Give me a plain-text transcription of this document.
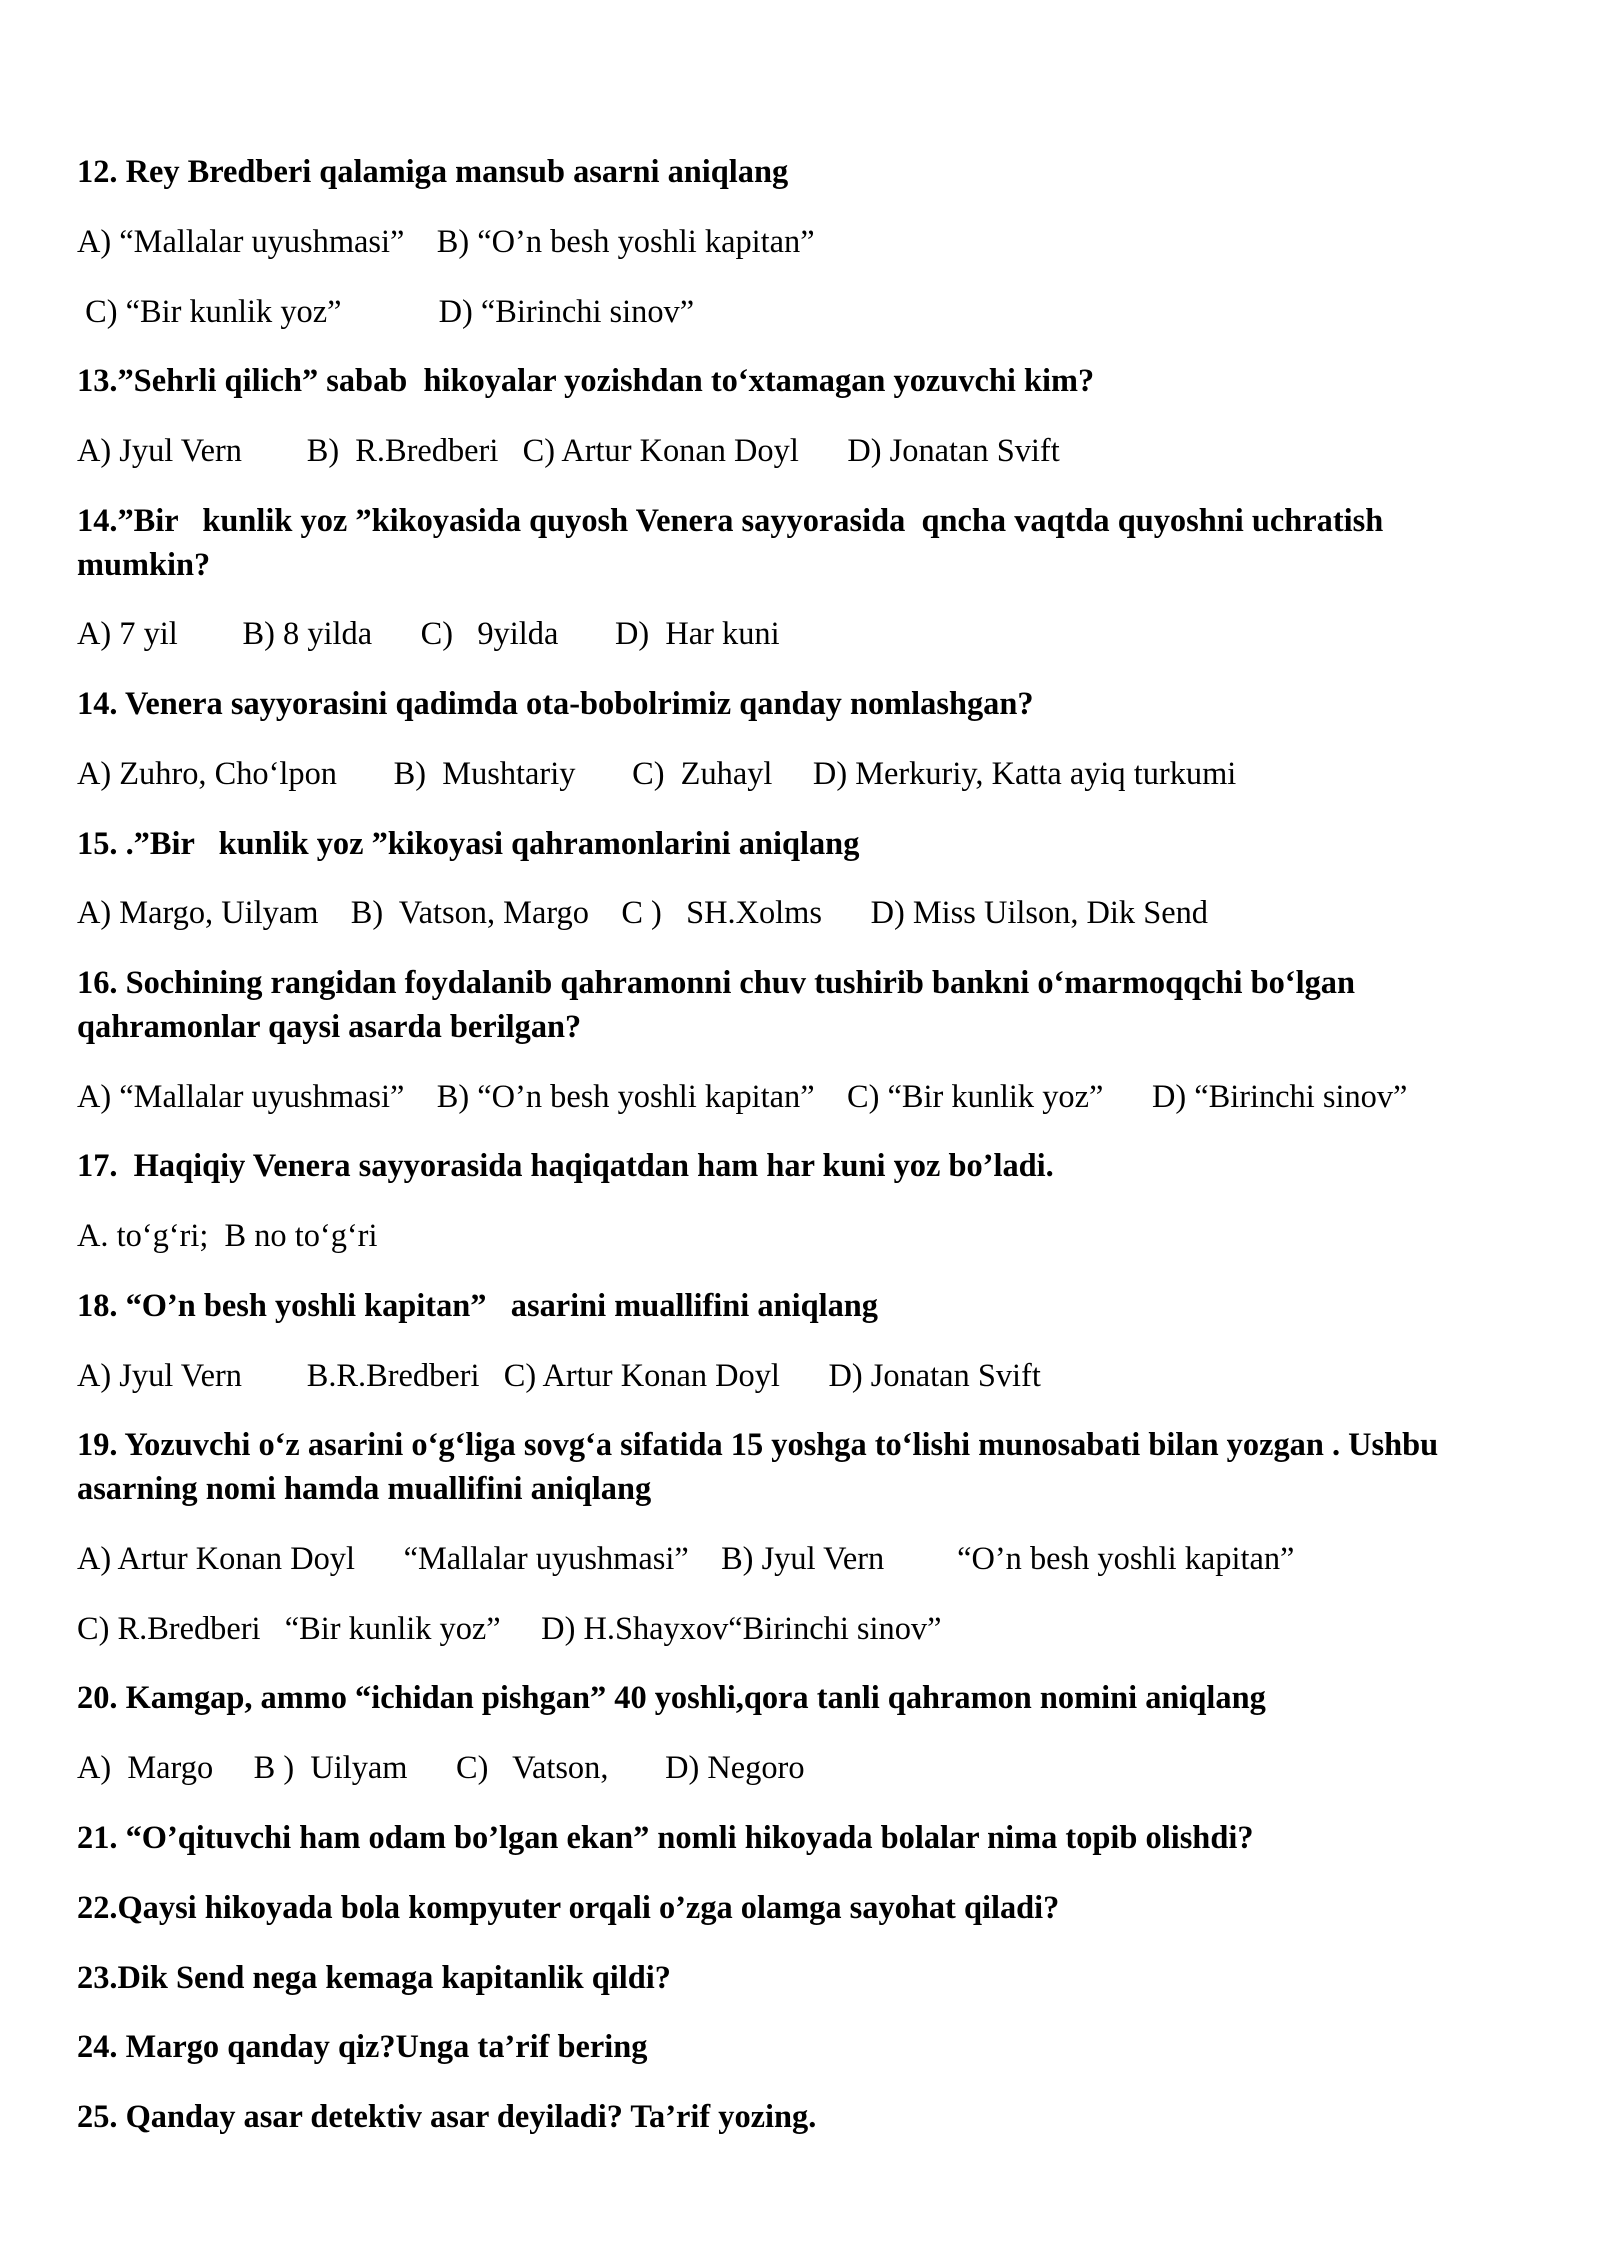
12. Rey Bredberi qalamiga mansub asarni aniqlang

A) “Mallalar uyushmasi”    B) “O’n besh yoshli kapitan”

C) “Bir kunlik yoz”            D) “Birinchi sinov”

13.”Sehrli qilich” sabab  hikoyalar yozishdan to‘xtamagan yozuvchi kim?

A) Jyul Vern        B)  R.Bredberi   C) Artur Konan Doyl      D) Jonatan Svift

14.”Bir   kunlik yoz ”kikoyasida quyosh Venera sayyorasida  qncha vaqtda quyoshni uchratish mumkin?

A) 7 yil        B) 8 yilda      C)   9yilda       D)  Har kuni

14. Venera sayyorasini qadimda ota-bobolrimiz qanday nomlashgan?

A) Zuhro, Cho‘lpon       B)  Mushtariy       C)  Zuhayl     D) Merkuriy, Katta ayiq turkumi

15. .”Bir   kunlik yoz ”kikoyasi qahramonlarini aniqlang

A) Margo, Uilyam    B)  Vatson, Margo    C )   SH.Xolms      D) Miss Uilson, Dik Send

16. Sochining rangidan foydalanib qahramonni chuv tushirib bankni o‘marmoqqchi bo‘lgan qahramonlar qaysi asarda berilgan?

A) “Mallalar uyushmasi”    B) “O’n besh yoshli kapitan”    C) “Bir kunlik yoz”      D) “Birinchi sinov”

17.  Haqiqiy Venera sayyorasida haqiqatdan ham har kuni yoz bo’ladi.

A. to‘g‘ri;  B no to‘g‘ri

18. “O’n besh yoshli kapitan”   asarini muallifini aniqlang

A) Jyul Vern        B.R.Bredberi   C) Artur Konan Doyl      D) Jonatan Svift

19. Yozuvchi o‘z asarini o‘g‘liga sovg‘a sifatida 15 yoshga to‘lishi munosabati bilan yozgan . Ushbu asarning nomi hamda muallifini aniqlang

A) Artur Konan Doyl      “Mallalar uyushmasi”    B) Jyul Vern         “O’n besh yoshli kapitan”

C) R.Bredberi   “Bir kunlik yoz”     D) H.Shayxov“Birinchi sinov”

20. Kamgap, ammo “ichidan pishgan” 40 yoshli,qora tanli qahramon nomini aniqlang

A)  Margo     B )  Uilyam      C)   Vatson,       D) Negoro

21. “O’qituvchi ham odam bo’lgan ekan” nomli hikoyada bolalar nima topib olishdi?

22.Qaysi hikoyada bola kompyuter orqali o’zga olamga sayohat qiladi?

23.Dik Send nega kemaga kapitanlik qildi?

24. Margo qanday qiz?Unga ta’rif bering

25. Qanday asar detektiv asar deyiladi? Ta’rif yozing.
